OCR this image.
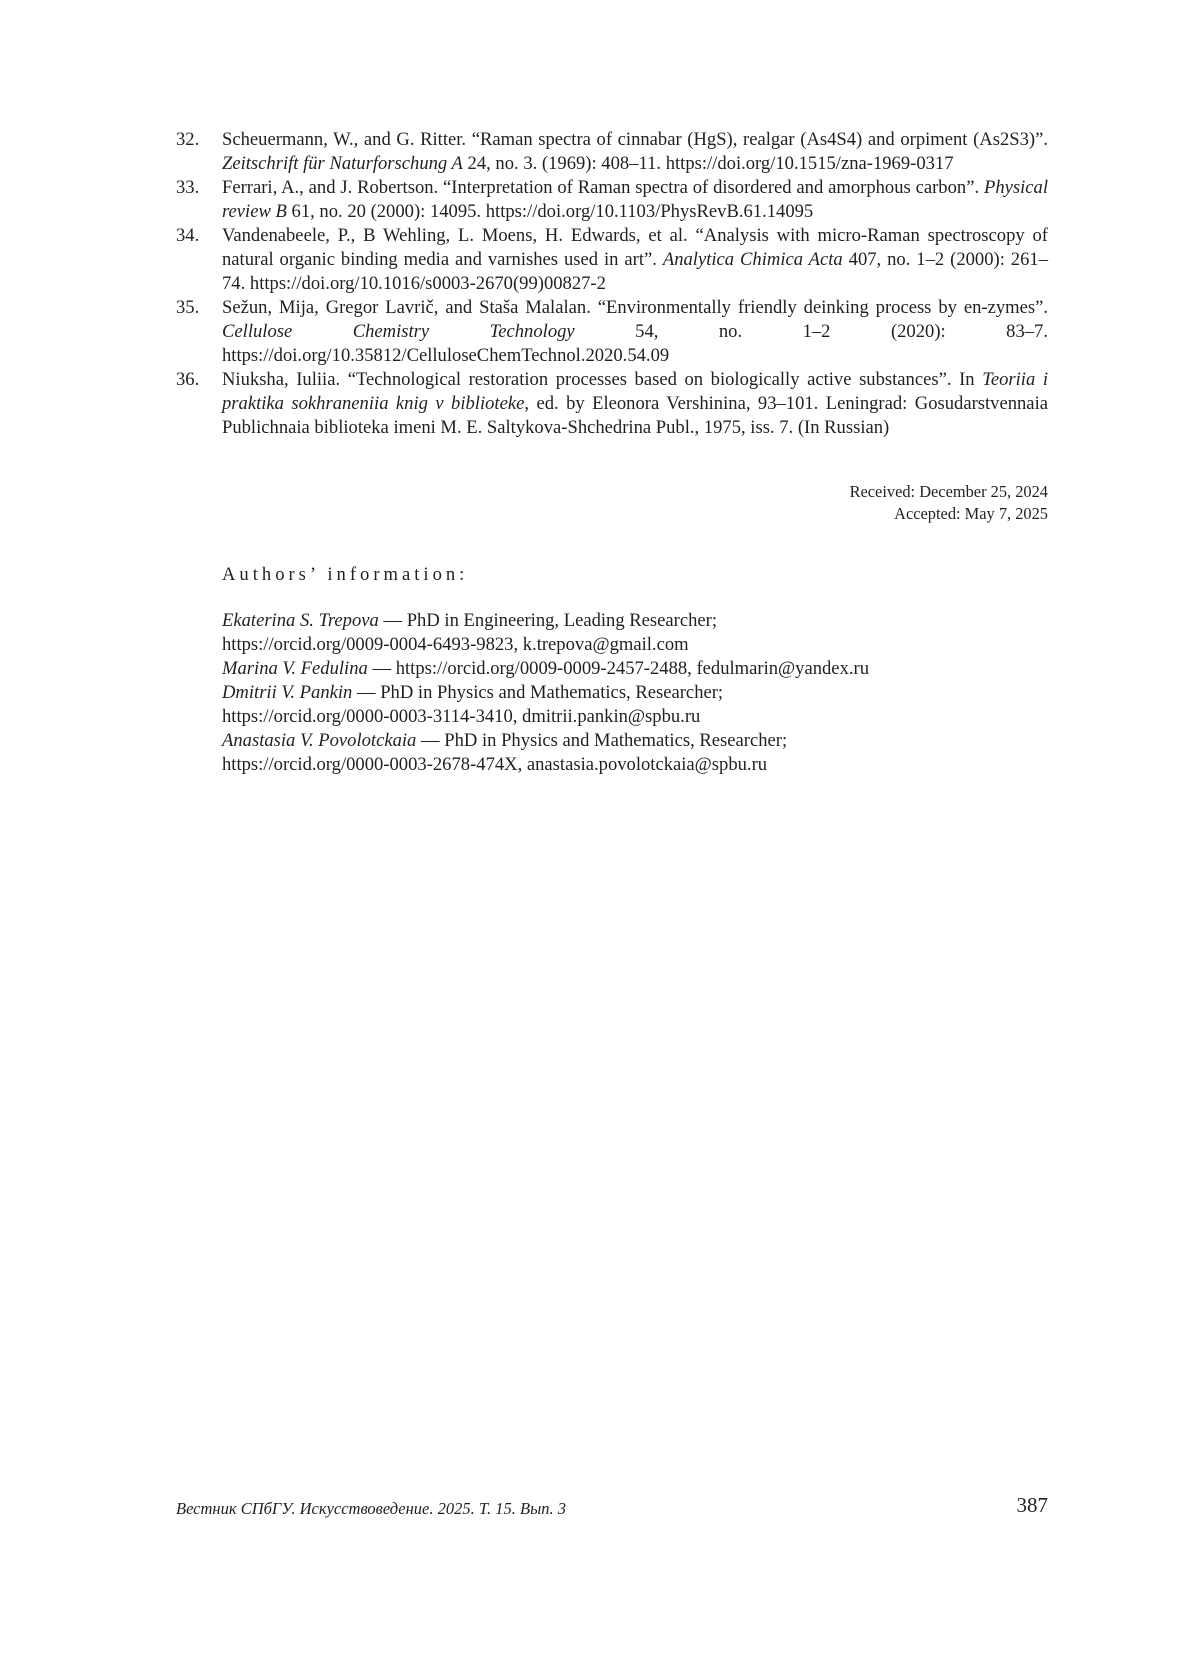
32. Scheuermann, W., and G. Ritter. “Raman spectra of cinnabar (HgS), realgar (As4S4) and orpiment (As2S3)”. Zeitschrift für Naturforschung A 24, no. 3. (1969): 408–11. https://doi.org/10.1515/zna-1969-0317
33. Ferrari, A., and J. Robertson. “Interpretation of Raman spectra of disordered and amorphous carbon”. Physical review B 61, no. 20 (2000): 14095. https://doi.org/10.1103/PhysRevB.61.14095
34. Vandenabeele, P., B Wehling, L. Moens, H. Edwards, et al. “Analysis with micro-Raman spectroscopy of natural organic binding media and varnishes used in art”. Analytica Chimica Acta 407, no. 1–2 (2000): 261–74. https://doi.org/10.1016/s0003-2670(99)00827-2
35. Sežun, Mija, Gregor Lavrič, and Staša Malalan. “Environmentally friendly deinking process by en-zymes”. Cellulose Chemistry Technology 54, no. 1–2 (2020): 83–7. https://doi.org/10.35812/CelluloseChemTechnol.2020.54.09
36. Niuksha, Iuliia. “Technological restoration processes based on biologically active substances”. In Teoriia i praktika sokhraneniia knig v biblioteke, ed. by Eleonora Vershinina, 93–101. Leningrad: Gosudarstvennaia Publichnaia biblioteka imeni M. E. Saltykova-Shchedrina Publ., 1975, iss. 7. (In Russian)
Received: December 25, 2024
Accepted: May 7, 2025
Authors’ information:
Ekaterina S. Trepova — PhD in Engineering, Leading Researcher;
https://orcid.org/0009-0004-6493-9823, k.trepova@gmail.com
Marina V. Fedulina — https://orcid.org/0009-0009-2457-2488, fedulmarin@yandex.ru
Dmitrii V. Pankin — PhD in Physics and Mathematics, Researcher;
https://orcid.org/0000-0003-3114-3410, dmitrii.pankin@spbu.ru
Anastasia V. Povolotckaia — PhD in Physics and Mathematics, Researcher;
https://orcid.org/0000-0003-2678-474X, anastasia.povolotckaia@spbu.ru
Вестник СПбГУ. Искусствоведение. 2025. Т. 15. Вып. 3	387
